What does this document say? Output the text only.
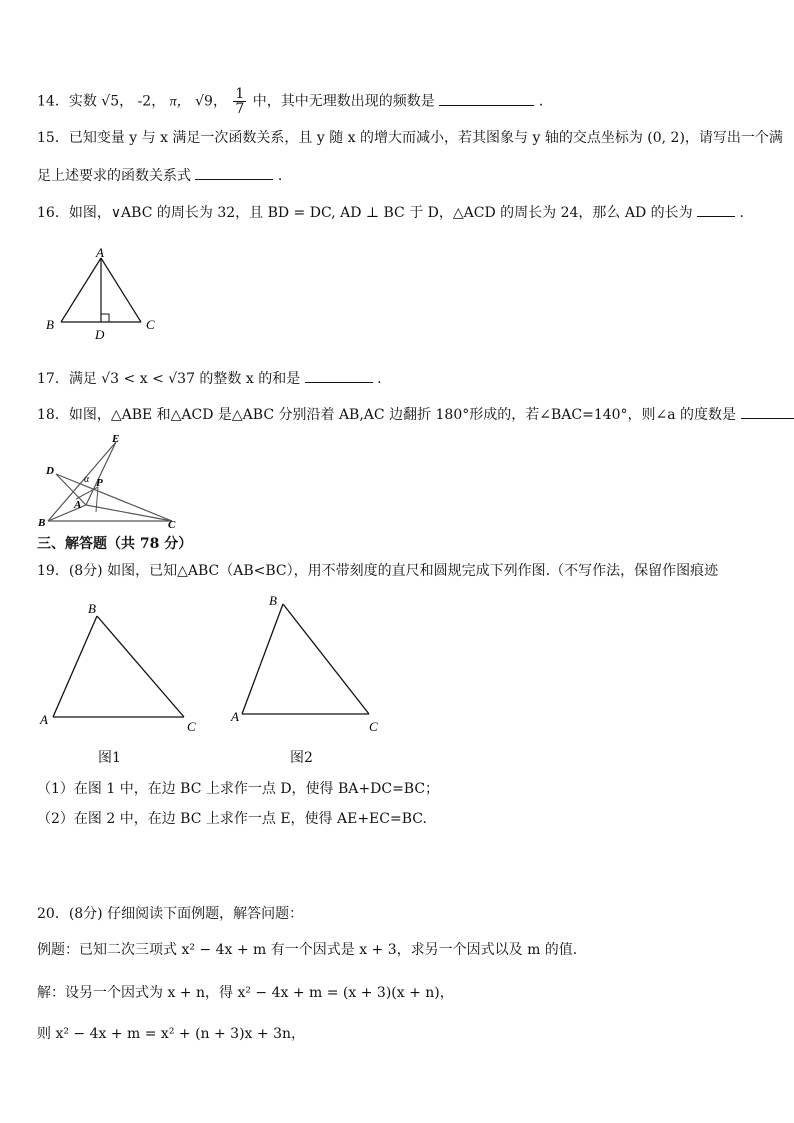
14．实数 √5， -2， π， √9， $\frac{1}{7}$ 中，其中无理数出现的频数是	.
15．已知变量 y 与 x 满足一次函数关系，且 y 随 x 的增大而减小，若其图象与 y 轴的交点坐标为 (0, 2)，请写出一个满
足上述要求的函数关系式	.
16．如图，∨ABC 的周长为 32，且 BD = DC, AD ⊥ BC 于 D，△ACD 的周长为 24，那么 AD 的长为	.
A
B	C
D
17．满足 √3 < x < √37 的整数 x 的和是	.
18．如图，△ABE 和△ACD 是△ABC 分别沿着 AB,AC 边翻折 180°形成的，若∠BAC=140°，则∠a 的度数是
E
D
α P
A
B	C
三、解答题（共 78 分）
19．(8分) 如图，已知△ABC（AB<BC），用不带刻度的直尺和圆规完成下列作图.（不写作法，保留作图痕迹
B
A	C
B
A
C
图1	图2
（1）在图 1 中，在边 BC 上求作一点 D，使得 BA+DC=BC；
（2）在图 2 中，在边 BC 上求作一点 E，使得 AE+EC=BC.
20．(8分) 仔细阅读下面例题，解答问题：
例题：已知二次三项式 x² − 4x + m 有一个因式是 x + 3，求另一个因式以及 m 的值.
解：设另一个因式为 x + n，得 x² − 4x + m = (x + 3)(x + n)，
则 x² − 4x + m = x² + (n + 3)x + 3n，
